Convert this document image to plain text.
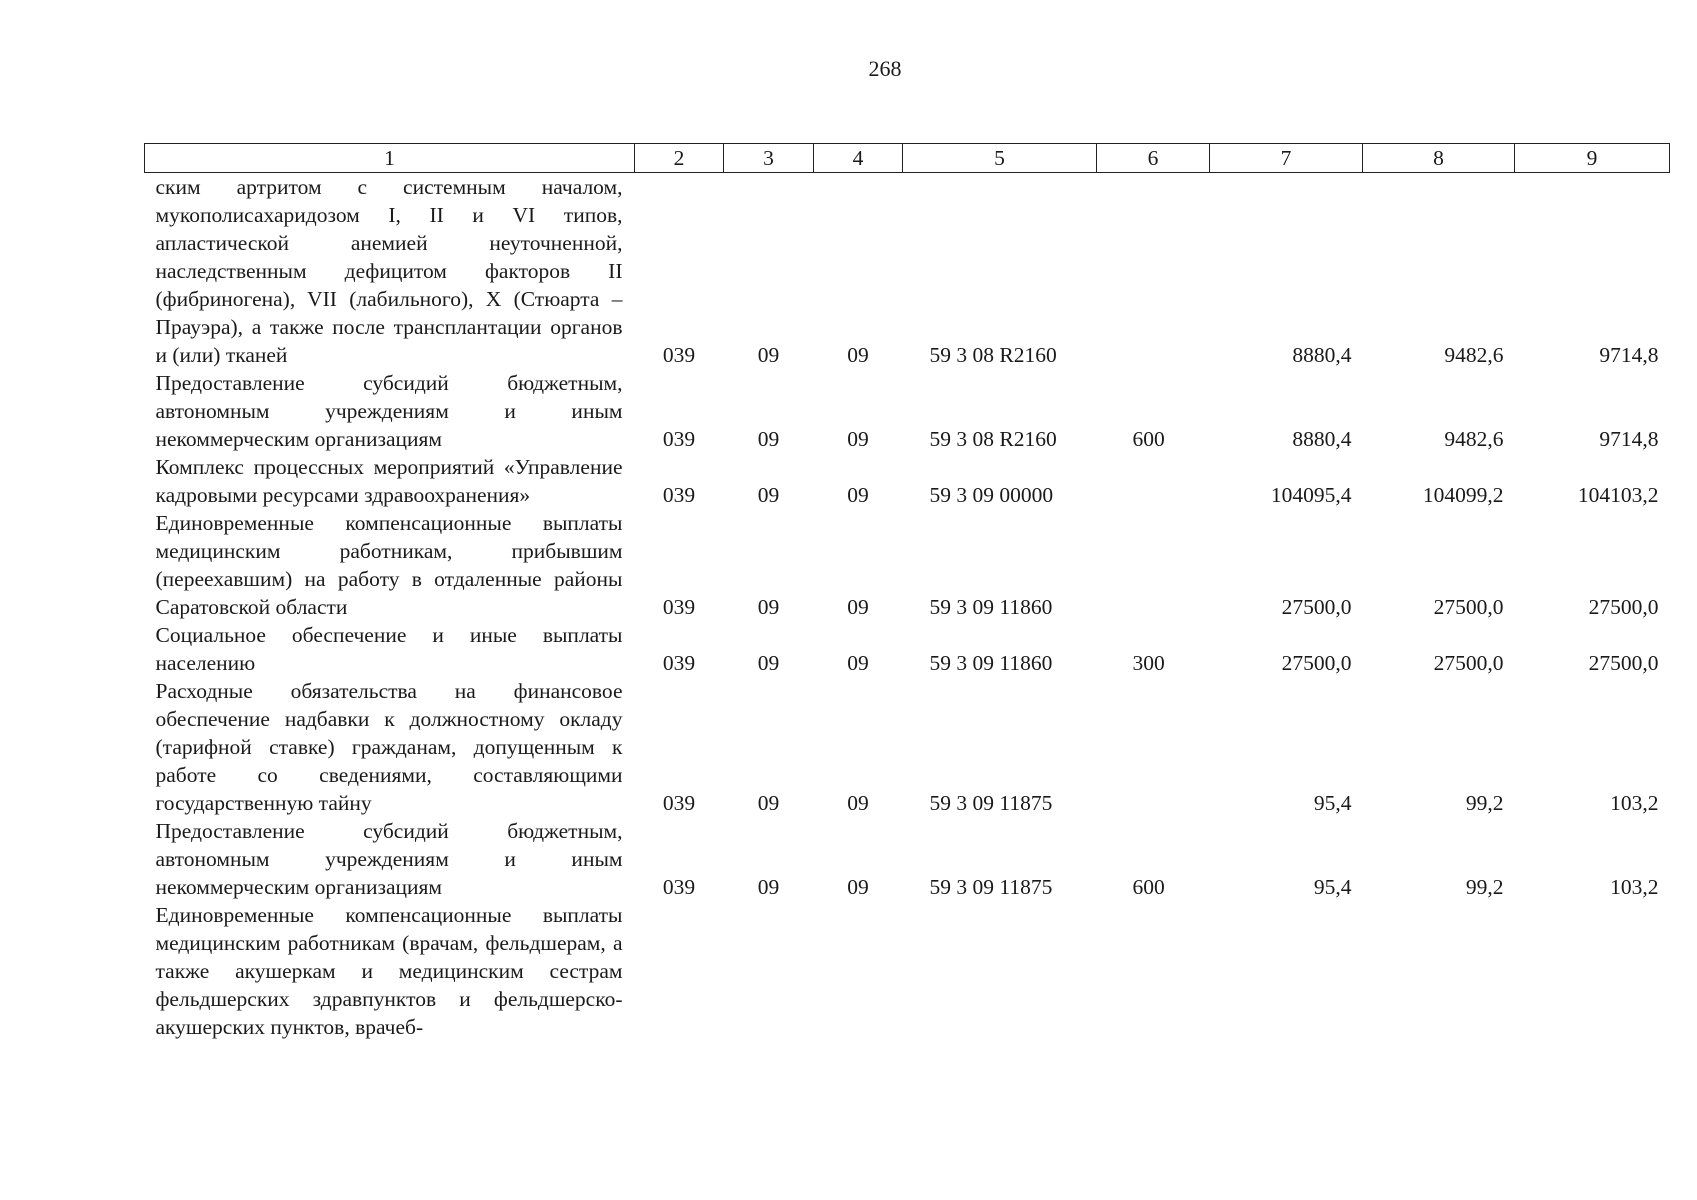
268
1	2	3	4	5	6	7	8	9
ским артритом с системным началом, мукополисахаридозом I, II и VI типов, апластической анемией неуточненной, наследственным дефицитом факторов II (фибриногена), VII (лабильного), X (Стюарта – Прауэра), а также после трансплантации органов и (или) тканей	039	09	09	59 3 08 R2160		8880,4	9482,6	9714,8
Предоставление субсидий бюджетным, автономным учреждениям и иным некоммерческим организациям	039	09	09	59 3 08 R2160	600	8880,4	9482,6	9714,8
Комплекс процессных мероприятий «Управление кадровыми ресурсами здравоохранения»	039	09	09	59 3 09 00000		104095,4	104099,2	104103,2
Единовременные компенсационные выплаты медицинским работникам, прибывшим (переехавшим) на работу в отдаленные районы Саратовской области	039	09	09	59 3 09 11860		27500,0	27500,0	27500,0
Социальное обеспечение и иные выплаты населению	039	09	09	59 3 09 11860	300	27500,0	27500,0	27500,0
Расходные обязательства на финансовое обеспечение надбавки к должностному окладу (тарифной ставке) гражданам, допущенным к работе со сведениями, составляющими государственную тайну	039	09	09	59 3 09 11875		95,4	99,2	103,2
Предоставление субсидий бюджетным, автономным учреждениям и иным некоммерческим организациям	039	09	09	59 3 09 11875	600	95,4	99,2	103,2
Единовременные компенсационные выплаты медицинским работникам (врачам, фельдшерам, а также акушеркам и медицинским сестрам фельдшерских здравпунктов и фельдшерско-акушерских пунктов, врачеб-								
